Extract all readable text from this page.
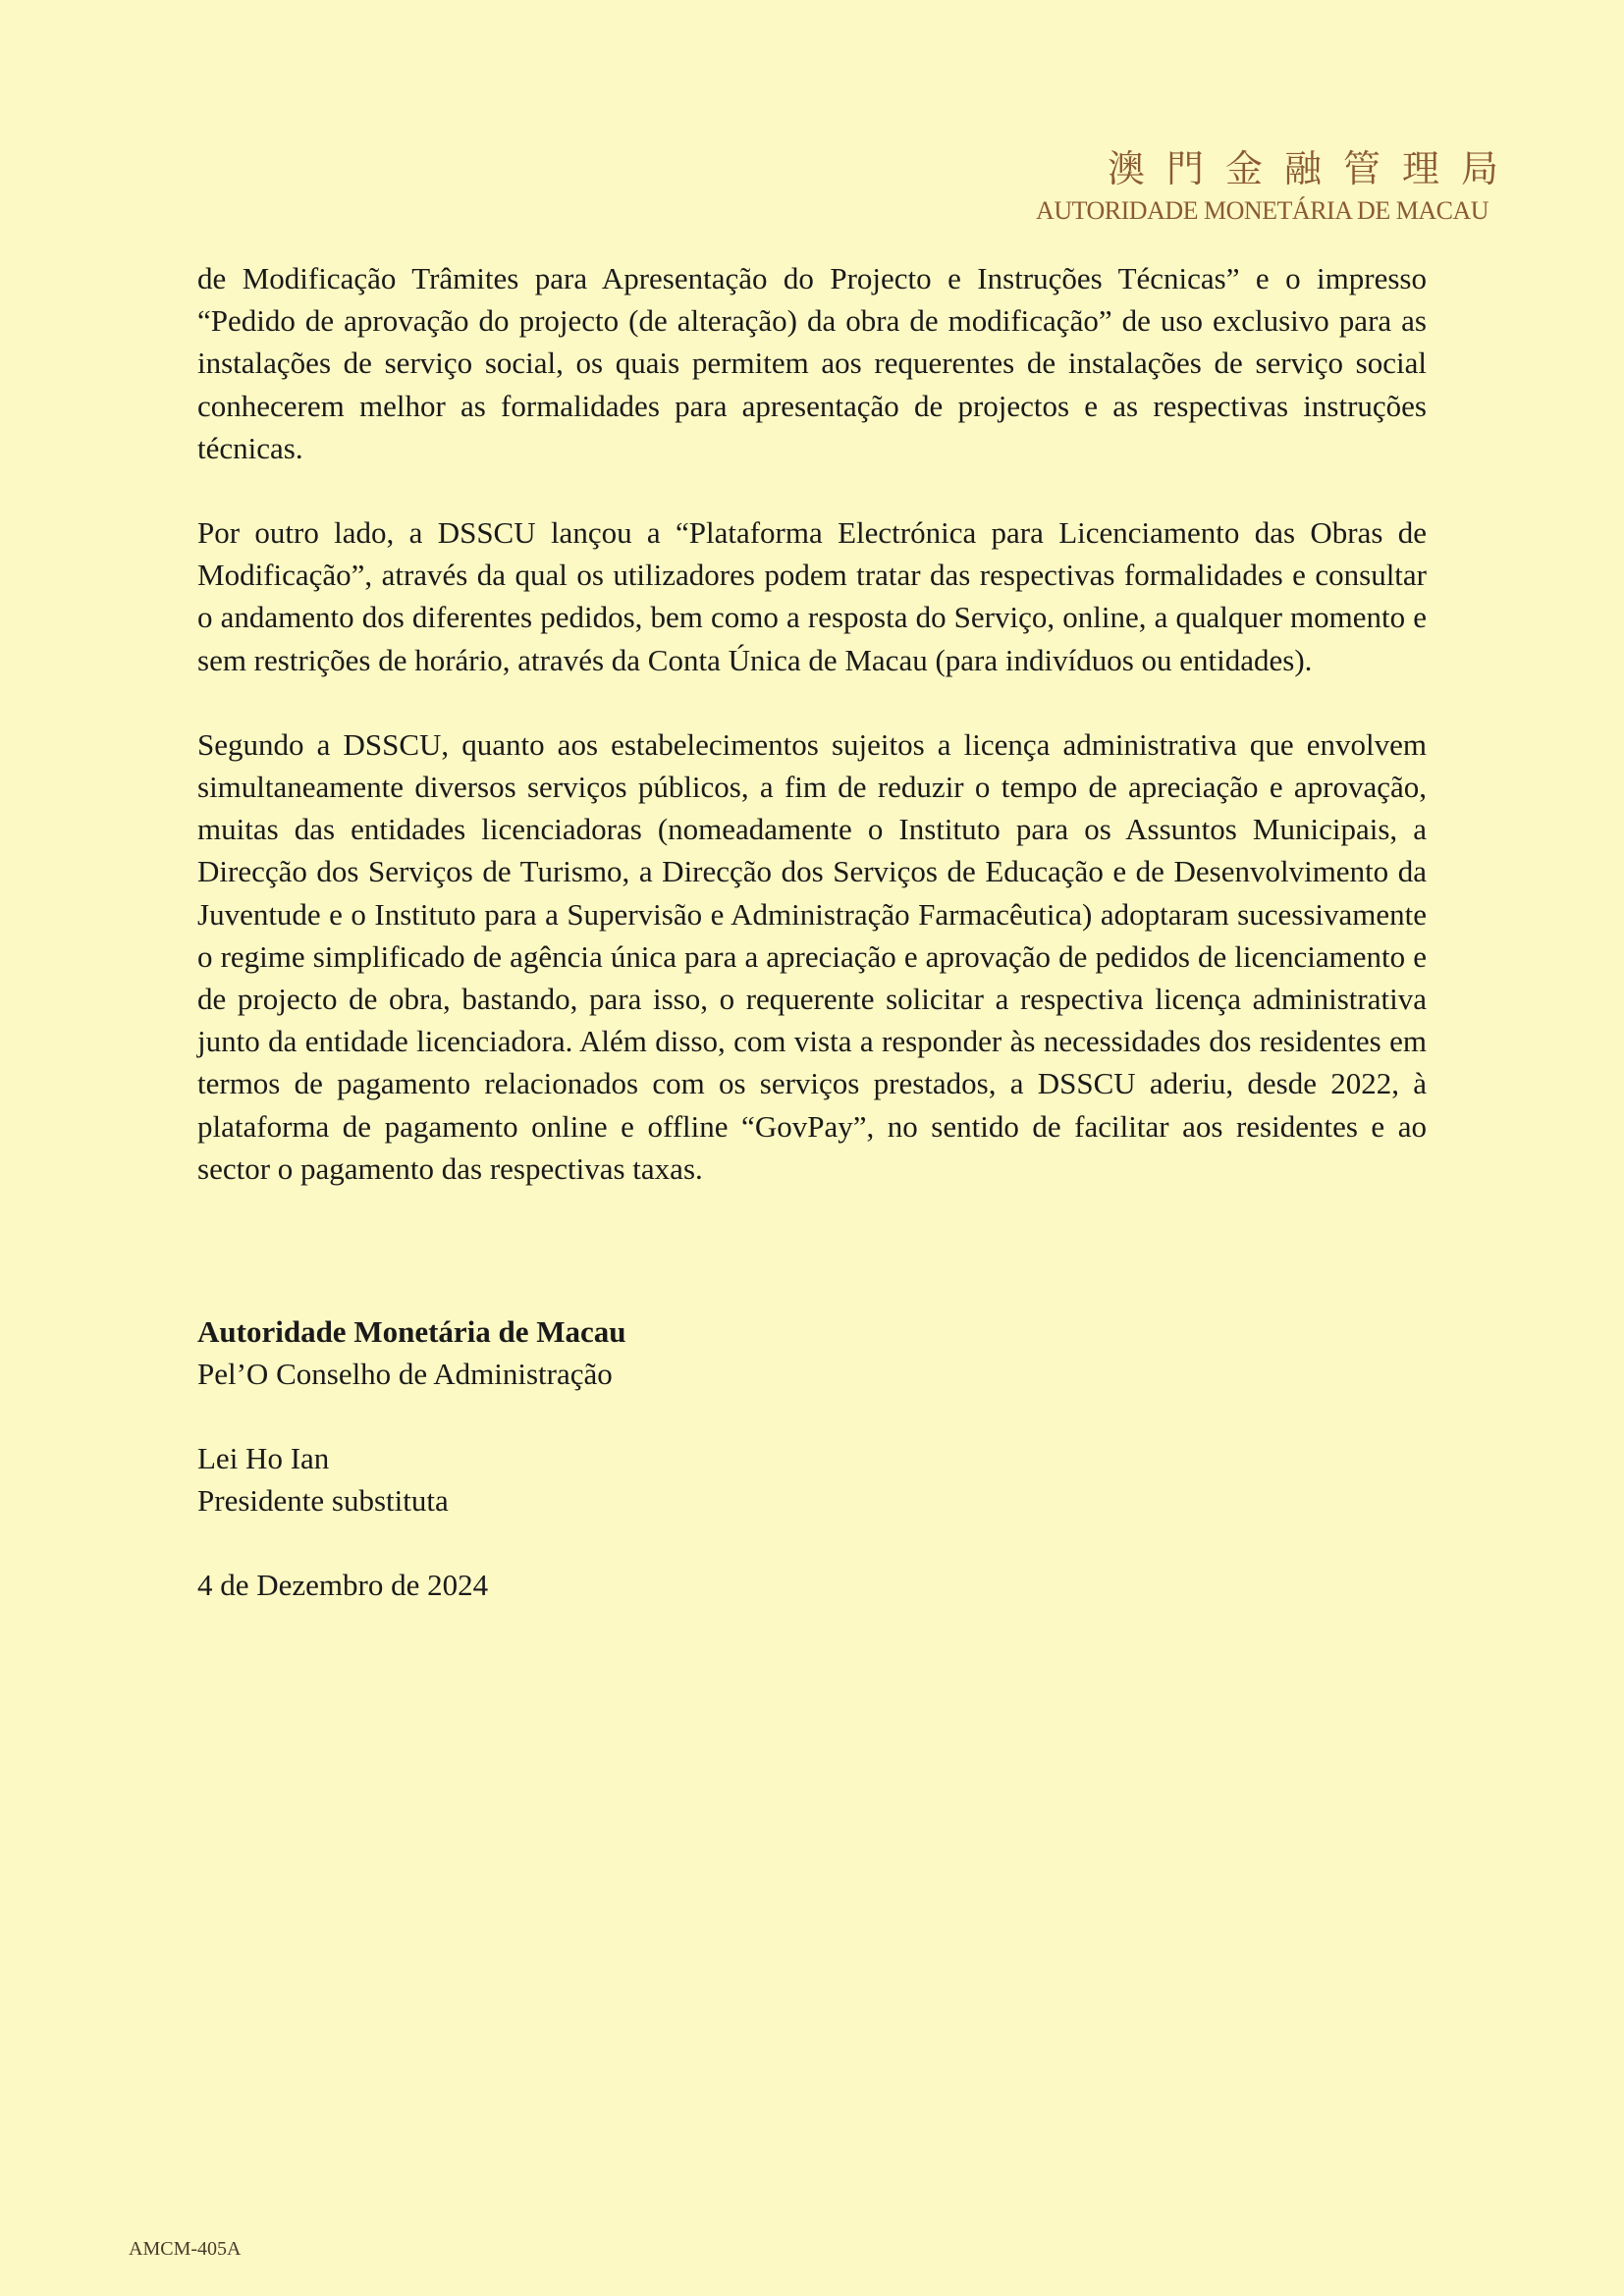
澳門金融管理局
AUTORIDADE MONETÁRIA DE MACAU

de Modificação Trâmites para Apresentação do Projecto e Instruções Técnicas” e o impresso “Pedido de aprovação do projecto (de alteração) da obra de modificação” de uso exclusivo para as instalações de serviço social, os quais permitem aos requerentes de instalações de serviço social conhecerem melhor as formalidades para apresentação de projectos e as respectivas instruções técnicas.

Por outro lado, a DSSCU lançou a “Plataforma Electrónica para Licenciamento das Obras de Modificação”, através da qual os utilizadores podem tratar das respectivas formalidades e consultar o andamento dos diferentes pedidos, bem como a resposta do Serviço, online, a qualquer momento e sem restrições de horário, através da Conta Única de Macau (para indivíduos ou entidades).

Segundo a DSSCU, quanto aos estabelecimentos sujeitos a licença administrativa que envolvem simultaneamente diversos serviços públicos, a fim de reduzir o tempo de apreciação e aprovação, muitas das entidades licenciadoras (nomeadamente o Instituto para os Assuntos Municipais, a Direcção dos Serviços de Turismo, a Direcção dos Serviços de Educação e de Desenvolvimento da Juventude e o Instituto para a Supervisão e Administração Farmacêutica) adoptaram sucessivamente o regime simplificado de agência única para a apreciação e aprovação de pedidos de licenciamento e de projecto de obra, bastando, para isso, o requerente solicitar a respectiva licença administrativa junto da entidade licenciadora. Além disso, com vista a responder às necessidades dos residentes em termos de pagamento relacionados com os serviços prestados, a DSSCU aderiu, desde 2022, à plataforma de pagamento online e offline “GovPay”, no sentido de facilitar aos residentes e ao sector o pagamento das respectivas taxas.

Autoridade Monetária de Macau
Pel’O Conselho de Administração
Lei Ho Ian
Presidente substituta
4 de Dezembro de 2024
AMCM-405A
